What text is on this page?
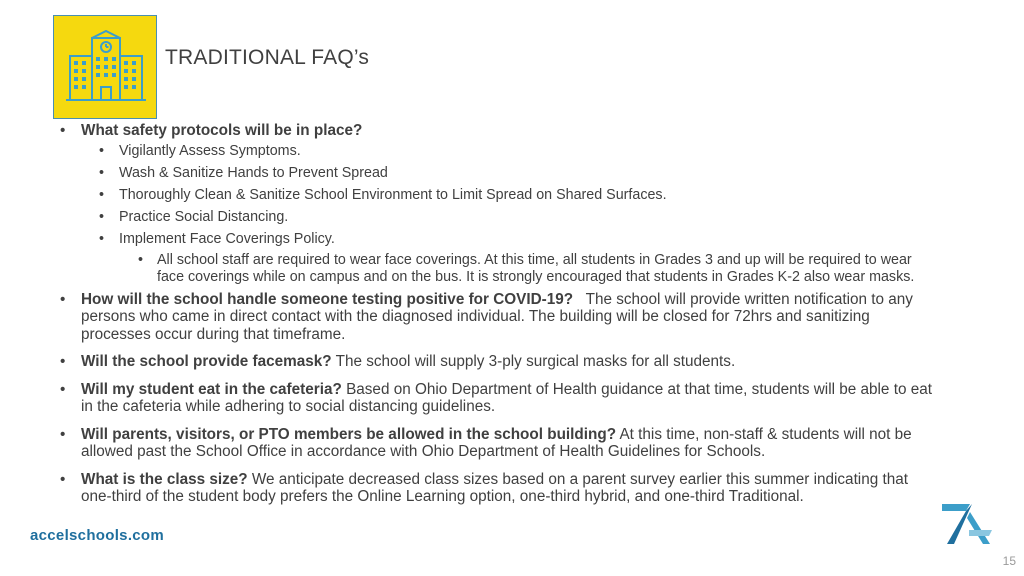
TRADITIONAL FAQ’s
• What safety protocols will be in place?
• Vigilantly Assess Symptoms.
• Wash & Sanitize Hands to Prevent Spread
• Thoroughly Clean & Sanitize School Environment to Limit Spread on Shared Surfaces.
• Practice Social Distancing.
• Implement Face Coverings Policy.
• All school staff are required to wear face coverings. At this time, all students in Grades 3 and up will be required to wear face coverings while on campus and on the bus. It is strongly encouraged that students in Grades K-2 also wear masks.
• How will the school handle someone testing positive for COVID-19? The school will provide written notification to any persons who came in direct contact with the diagnosed individual. The building will be closed for 72hrs and sanitizing processes occur during that timeframe.
• Will the school provide facemask? The school will supply 3-ply surgical masks for all students.
• Will my student eat in the cafeteria? Based on Ohio Department of Health guidance at that time, students will be able to eat in the cafeteria while adhering to social distancing guidelines.
• Will parents, visitors, or PTO members be allowed in the school building? At this time, non-staff & students will not be allowed past the School Office in accordance with Ohio Department of Health Guidelines for Schools.
• What is the class size? We anticipate decreased class sizes based on a parent survey earlier this summer indicating that one-third of the student body prefers the Online Learning option, one-third hybrid, and one-third Traditional.
accelschools.com
15
